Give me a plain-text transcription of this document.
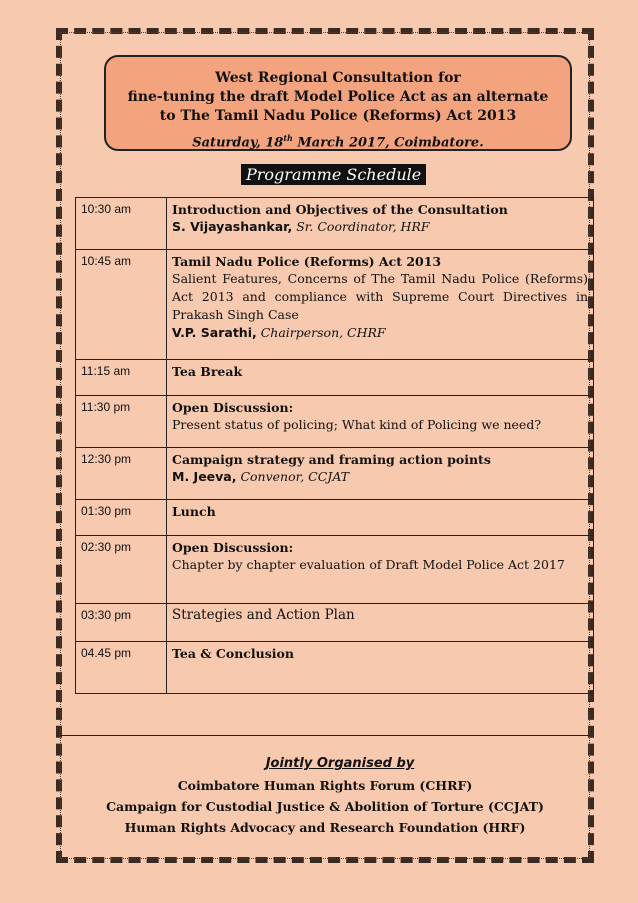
West Regional Consultation for

fine-tuning the draft Model Police Act as an alternate

to The Tamil Nadu Police (Reforms) Act 2013

Saturday, 18th March 2017, Coimbatore.

Programme Schedule
10:30 am	Introduction and Objectives of the Consultation
S. Vijayashankar, Sr. Coordinator, HRF

10:45 am	Tamil Nadu Police (Reforms) Act 2013
Salient Features, Concerns of The Tamil Nadu Police (Reforms) Act 2013 and compliance with Supreme Court Directives in Prakash Singh Case
V.P. Sarathi, Chairperson, CHRF

11:15 am	Tea Break

11:30 pm	Open Discussion:
Present status of policing; What kind of Policing we need?

12:30 pm	Campaign strategy and framing action points
M. Jeeva, Convenor, CCJAT

01:30 pm	Lunch

02:30 pm	Open Discussion:
Chapter by chapter evaluation of Draft Model Police Act 2017

03:30 pm	Strategies and Action Plan

04.45 pm	Tea & Conclusion
Jointly Organised by
Coimbatore Human Rights Forum (CHRF)
Campaign for Custodial Justice & Abolition of Torture (CCJAT)
Human Rights Advocacy and Research Foundation (HRF)
